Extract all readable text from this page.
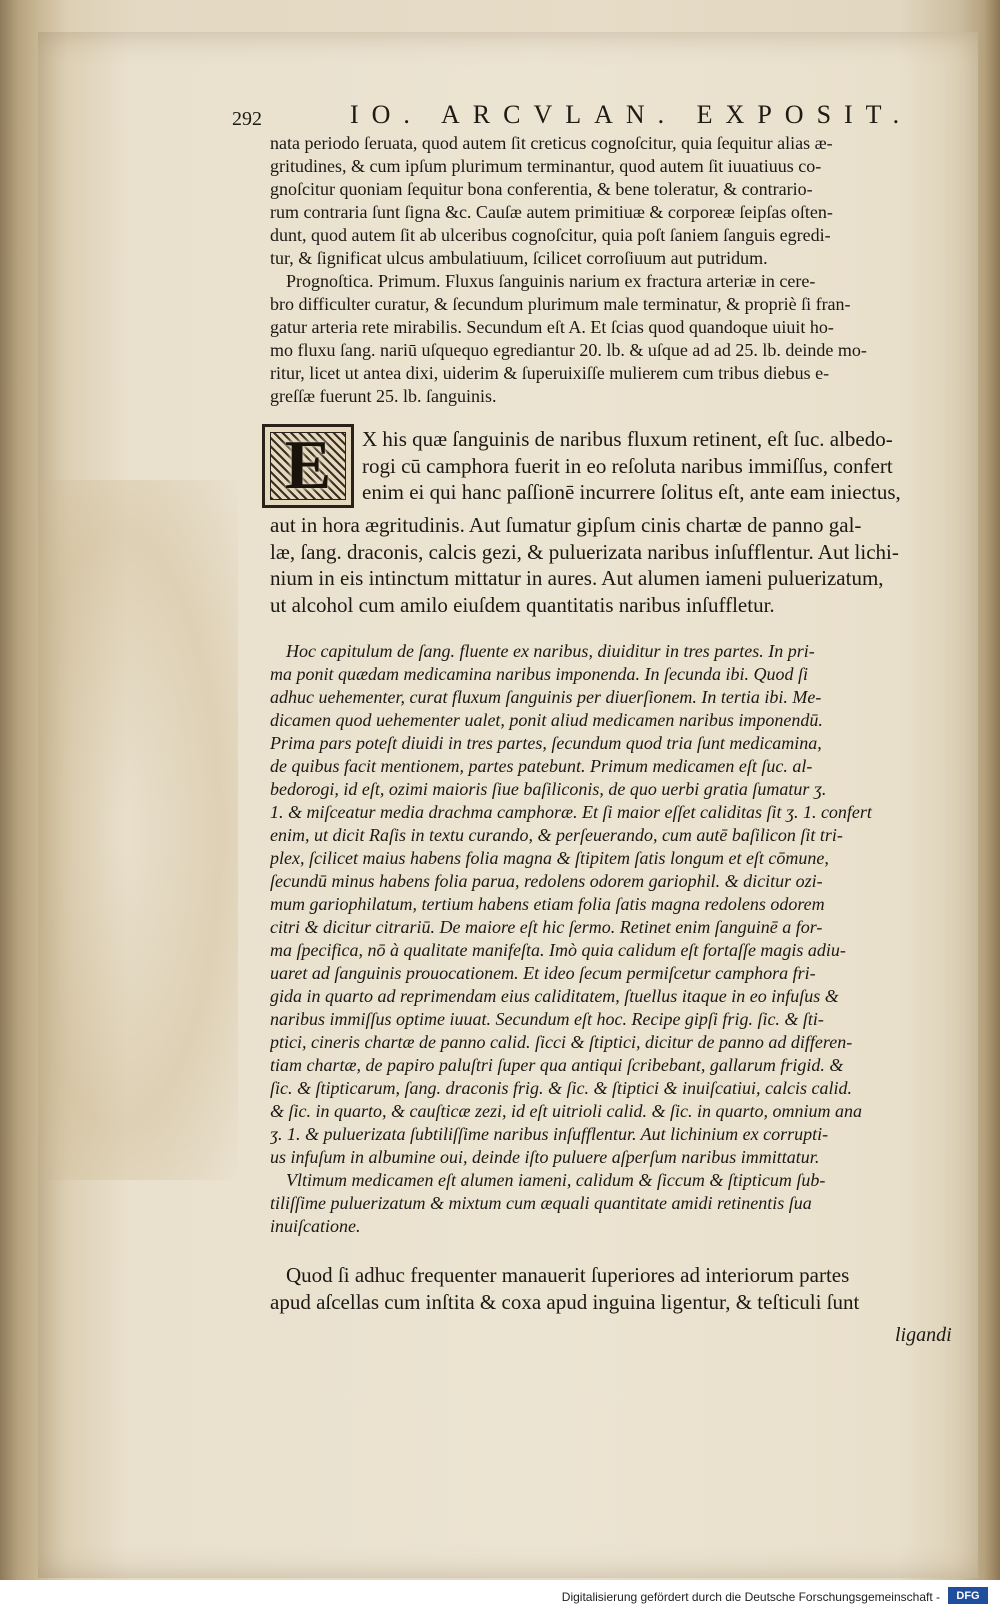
292	IO. ARCVLAN. EXPOSIT.
nata periodo ſeruata, quod autem ſit creticus cognoſcitur, quia ſequitur alias æ-
gritudines, & cum ipſum plurimum terminantur, quod autem ſit iuuatiuus co-
gnoſcitur quoniam ſequitur bona conferentia, & bene toleratur, & contrario-
rum contraria ſunt ſigna &c. Cauſæ autem primitiuæ & corporeæ ſeipſas oſten-
dunt, quod autem ſit ab ulceribus cognoſcitur, quia poſt ſaniem ſanguis egredi-
tur, & ſignificat ulcus ambulatiuum, ſcilicet corroſiuum aut putridum.
Prognoſtica. Primum. Fluxus ſanguinis narium ex fractura arteriæ in cere-
bro difficulter curatur, & ſecundum plurimum male terminatur, & propriè ſi fran-
gatur arteria rete mirabilis. Secundum eſt A. Et ſcias quod quandoque uiuit ho-
mo fluxu ſang. nariū uſquequo egrediantur 20. lb. & uſque ad ad 25. lb. deinde mo-
ritur, licet ut antea dixi, uiderim & ſuperuixiſſe mulierem cum tribus diebus e-
greſſæ fuerunt 25. lb. ſanguinis.
E	X his quæ ſanguinis de naribus fluxum retinent, eſt ſuc. albedo-
rogi cū camphora fuerit in eo reſoluta naribus immiſſus, confert
enim ei qui hanc paſſionē incurrere ſolitus eſt, ante eam iniectus,
aut in hora ægritudinis. Aut ſumatur gipſum cinis chartæ de panno gal-
læ, ſang. draconis, calcis gezi, & puluerizata naribus inſufflentur. Aut lichi-
nium in eis intinctum mittatur in aures. Aut alumen iameni puluerizatum,
ut alcohol cum amilo eiuſdem quantitatis naribus inſuffletur.
Hoc capitulum de ſang. fluente ex naribus, diuiditur in tres partes. In pri-
ma ponit quædam medicamina naribus imponenda. In ſecunda ibi. Quod ſi
adhuc uehementer, curat fluxum ſanguinis per diuerſionem. In tertia ibi. Me-
dicamen quod uehementer ualet, ponit aliud medicamen naribus imponendū.
Prima pars poteſt diuidi in tres partes, ſecundum quod tria ſunt medicamina,
de quibus facit mentionem, partes patebunt. Primum medicamen eſt ſuc. al-
bedorogi, id eſt, ozimi maioris ſiue baſiliconis, de quo uerbi gratia ſumatur ʒ.
1. & miſceatur media drachma camphoræ. Et ſi maior eſſet caliditas ſit ʒ. 1. confert
enim, ut dicit Raſis in textu curando, & perſeuerando, cum autē baſilicon ſit tri-
plex, ſcilicet maius habens folia magna & ſtipitem ſatis longum et eſt cōmune,
ſecundū minus habens folia parua, redolens odorem gariophil. & dicitur ozi-
mum gariophilatum, tertium habens etiam folia ſatis magna redolens odorem
citri & dicitur citrariū. De maiore eſt hic ſermo. Retinet enim ſanguinē a for-
ma ſpecifica, nō à qualitate manifeſta. Imò quia calidum eſt fortaſſe magis adiu-
uaret ad ſanguinis prouocationem. Et ideo ſecum permiſcetur camphora fri-
gida in quarto ad reprimendam eius caliditatem, ſtuellus itaque in eo infuſus &
naribus immiſſus optime iuuat. Secundum eſt hoc. Recipe gipſi frig. ſic. & ſti-
ptici, cineris chartæ de panno calid. ſicci & ſtiptici, dicitur de panno ad differen-
tiam chartæ, de papiro paluſtri ſuper qua antiqui ſcribebant, gallarum frigid. &
ſic. & ſtipticarum, ſang. draconis frig. & ſic. & ſtiptici & inuiſcatiui, calcis calid.
& ſic. in quarto, & cauſticæ zezi, id eſt uitrioli calid. & ſic. in quarto, omnium ana
ʒ. 1. & puluerizata ſubtiliſſime naribus inſufflentur. Aut lichinium ex corrupti-
us infuſum in albumine oui, deinde iſto puluere aſperſum naribus immittatur.
Vltimum medicamen eſt alumen iameni, calidum & ſiccum & ſtipticum ſub-
tiliſſime puluerizatum & mixtum cum æquali quantitate amidi retinentis ſua
inuiſcatione.
Quod ſi adhuc frequenter manauerit ſuperiores ad interiorum partes
apud aſcellas cum inſtita & coxa apud inguina ligentur, & teſticuli ſunt
ligandi
Digitalisierung gefördert durch die Deutsche Forschungsgemeinschaft -	DFG
